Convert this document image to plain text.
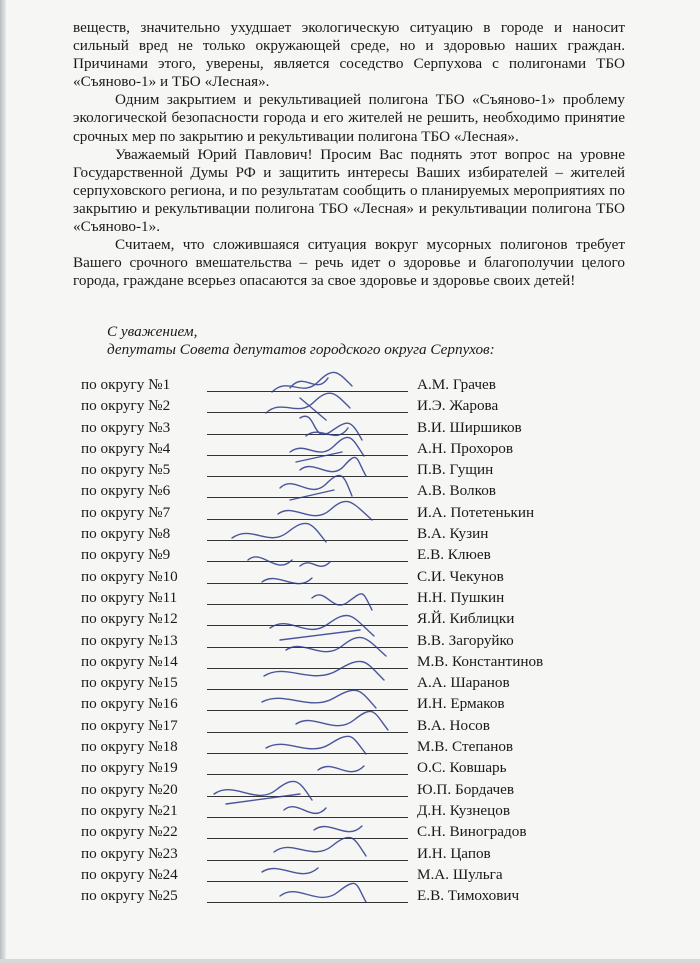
веществ, значительно ухудшает экологическую ситуацию в городе и наносит сильный вред не только окружающей среде, но и здоровью наших граждан. Причинами этого, уверены, является соседство Серпухова с полигонами ТБО «Съяново-1» и ТБО «Лесная».

Одним закрытием и рекультивацией полигона ТБО «Съяново-1» проблему экологической безопасности города и его жителей не решить, необходимо принятие срочных мер по закрытию и рекультивации полигона ТБО «Лесная».

Уважаемый Юрий Павлович! Просим Вас поднять этот вопрос на уровне Государственной Думы РФ и защитить интересы Ваших избирателей – жителей серпуховского региона, и по результатам сообщить о планируемых мероприятиях по закрытию и рекультивации полигона ТБО «Лесная» и рекультивации полигона ТБО «Съяново-1».

Считаем, что сложившаяся ситуация вокруг мусорных полигонов требует Вашего срочного вмешательства – речь идет о здоровье и благополучии целого города, граждане всерьез опасаются за свое здоровье и здоровье своих детей!

С уважением,
депутаты Совета депутатов городского округа Серпухов:
по округу №1	А.М. Грачев
по округу №2	И.Э. Жарова
по округу №3	В.И. Ширшиков
по округу №4	А.Н. Прохоров
по округу №5	П.В. Гущин
по округу №6	А.В. Волков
по округу №7	И.А. Потетенькин
по округу №8	В.А. Кузин
по округу №9	Е.В. Клюев
по округу №10	С.И. Чекунов
по округу №11	Н.Н. Пушкин
по округу №12	Я.Й. Киблицки
по округу №13	В.В. Загоруйко
по округу №14	М.В. Константинов
по округу №15	А.А. Шаранов
по округу №16	И.Н. Ермаков
по округу №17	В.А. Носов
по округу №18	М.В. Степанов
по округу №19	О.С. Ковшарь
по округу №20	Ю.П. Бордачев
по округу №21	Д.Н. Кузнецов
по округу №22	С.Н. Виноградов
по округу №23	И.Н. Цапов
по округу №24	М.А. Шульга
по округу №25	Е.В. Тимохович
